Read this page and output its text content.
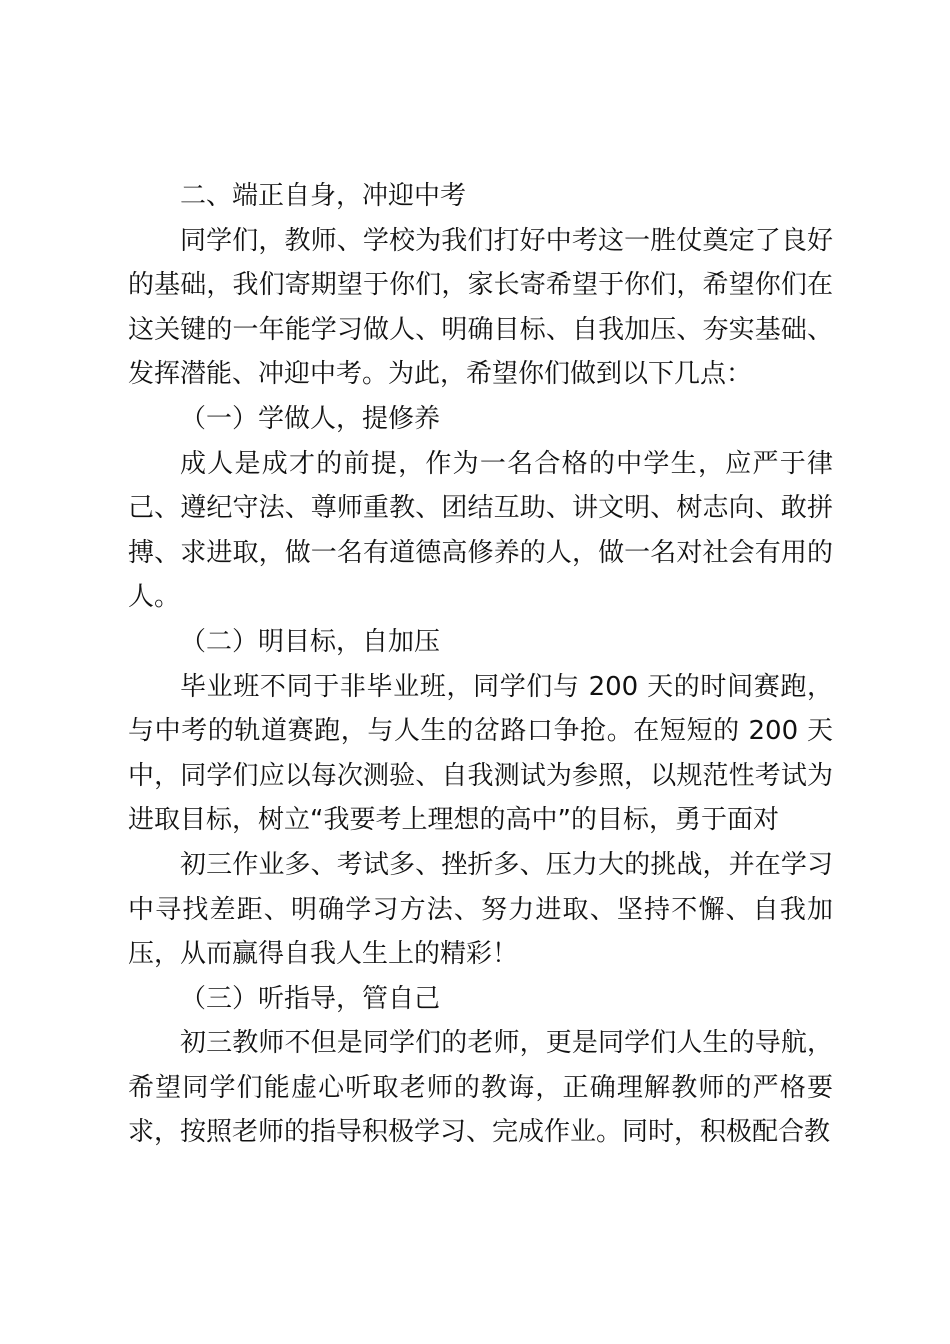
二、端正自身，冲迎中考

同学们，教师、学校为我们打好中考这一胜仗奠定了良好的基础，我们寄期望于你们，家长寄希望于你们，希望你们在这关键的一年能学习做人、明确目标、自我加压、夯实基础、发挥潜能、冲迎中考。为此，希望你们做到以下几点：

（一）学做人，提修养

成人是成才的前提，作为一名合格的中学生，应严于律己、遵纪守法、尊师重教、团结互助、讲文明、树志向、敢拼搏、求进取，做一名有道德高修养的人，做一名对社会有用的人。

（二）明目标，自加压

毕业班不同于非毕业班，同学们与 200 天的时间赛跑，与中考的轨道赛跑，与人生的岔路口争抢。在短短的 200 天中，同学们应以每次测验、自我测试为参照，以规范性考试为进取目标，树立“我要考上理想的高中”的目标，勇于面对

初三作业多、考试多、挫折多、压力大的挑战，并在学习中寻找差距、明确学习方法、努力进取、坚持不懈、自我加压，从而赢得自我人生上的精彩！

（三）听指导，管自己

初三教师不但是同学们的老师，更是同学们人生的导航，希望同学们能虚心听取老师的教诲，正确理解教师的严格要求，按照老师的指导积极学习、完成作业。同时，积极配合教
